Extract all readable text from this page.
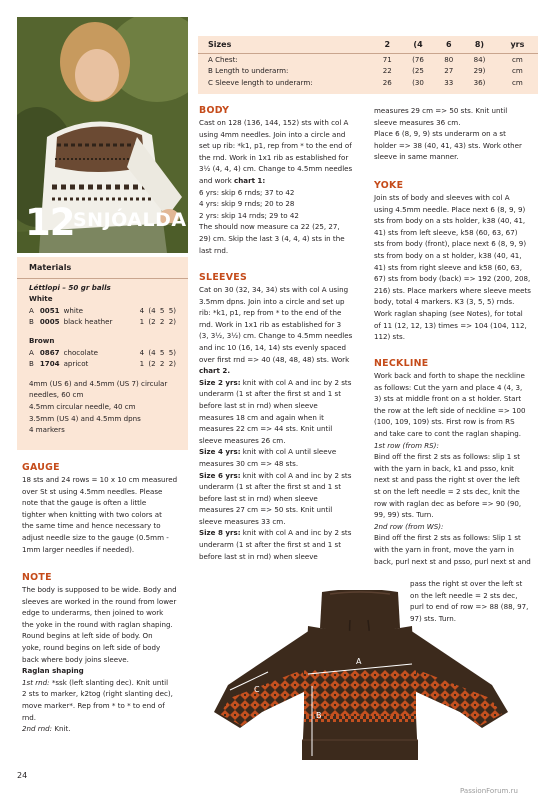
12
SNJÓALDA
Materials
Léttlopi – 50 gr balls
White
A 0051 white	4 (4 5 5)
B 0005 black heather	1 (2 2 2)
Brown
A 0867 chocolate	4 (4 5 5)
B 1704 apricot	1 (2 2 2)
4mm (US 6) and 4.5mm (US 7) circular
needles, 60 cm
4.5mm circular needle, 40 cm
3.5mm (US 4) and 4.5mm dpns
4 markers
GAUGE
18 sts and 24 rows = 10 x 10 cm measured
over St st using 4.5mm needles. Please
note that the gauge is often a little
tighter when knitting with two colors at
the same time and hence necessary to
adjust needle size to the gauge (0.5mm -
1mm larger needles if needed).
NOTE
The body is supposed to be wide. Body and
sleeves are worked in the round from lower
edge to underarms, then joined to work
the yoke in the round with raglan shaping.
Round begins at left side of body. On
yoke, round begins on left side of body
back where body joins sleeve.
Raglan shaping
1st rnd: *ssk (left slanting dec). Knit until
2 sts to marker, k2tog (right slanting dec),
move marker*. Rep from * to * to end of
rnd.
2nd rnd: Knit.
Sizes	2	(4	6	8)	yrs
A Chest:	71	(76	80	84)	cm
B Length to underarm:	22	(25	27	29)	cm
C Sleeve length to underarm:	26	(30	33	36)	cm
BODY
Cast on 128 (136, 144, 152) sts with col A
using 4mm needles. Join into a circle and
set up rib: *k1, p1, rep from * to the end of
the rnd. Work in 1x1 rib as established for
3½ (4, 4, 4) cm. Change to 4.5mm needles
and work chart 1:
6 yrs: skip 6 rnds; 37 to 42
4 yrs: skip 9 rnds; 20 to 28
2 yrs: skip 14 rnds; 29 to 42
The should now measure ca 22 (25, 27,
29) cm. Skip the last 3 (4, 4, 4) sts in the
last rnd.
SLEEVES
Cat on 30 (32, 34, 34) sts with col A using
3.5mm dpns. Join into a circle and set up
rib: *k1, p1, rep from * to the end of the
rnd. Work in 1x1 rib as established for 3
(3, 3½, 3½) cm. Change to 4.5mm needles
and inc 10 (16, 14, 14) sts evenly spaced
over first rnd => 40 (48, 48, 48) sts. Work
chart 2.
Size 2 yrs: knit with col A and inc by 2 sts
underarm (1 st after the first st and 1 st
before last st in rnd) when sleeve
measures 18 cm and again when it
measures 22 cm => 44 sts. Knit until
sleeve measures 26 cm.
Size 4 yrs: knit with col A until sleeve
measures 30 cm => 48 sts.
Size 6 yrs: knit with col A and inc by 2 sts
underarm (1 st after the first st and 1 st
before last st in rnd) when sleeve
measures 27 cm => 50 sts. Knit until
sleeve measures 33 cm.
Size 8 yrs: knit with col A and inc by 2 sts
underarm (1 st after the first st and 1 st
before last st in rnd) when sleeve
measures 29 cm => 50 sts. Knit until
sleeve measures 36 cm.
Place 6 (8, 9, 9) sts underarm on a st
holder => 38 (40, 41, 43) sts. Work other
sleeve in same manner.
YOKE
Join sts of body and sleeves with col A
using 4.5mm needle. Place next 6 (8, 9, 9)
sts from body on a sts holder, k38 (40, 41,
41) sts from left sleeve, k58 (60, 63, 67)
sts from body (front), place next 6 (8, 9, 9)
sts from body on a st holder, k38 (40, 41,
41) sts from right sleeve and k58 (60, 63,
67) sts from body (back) => 192 (200, 208,
216) sts. Place markers where sleeve meets
body, total 4 markers. K3 (3, 5, 5) rnds.
Work raglan shaping (see Notes), for total
of 11 (12, 12, 13) times => 104 (104, 112,
112) sts.
NECKLINE
Work back and forth to shape the neckline
as follows: Cut the yarn and place 4 (4, 3,
3) sts at middle front on a st holder. Start
the row at the left side of neckline => 100
(100, 109, 109) sts. First row is from RS
and take care to cont the raglan shaping.
1st row (from RS):
Bind off the first 2 sts as follows: slip 1 st
with the yarn in back, k1 and psso, knit
next st and pass the right st over the left
st on the left needle = 2 sts dec, knit the
row with raglan dec as before => 90 (90,
99, 99) sts. Turn.
2nd row (from WS):
Bind off the first 2 sts as follows: Slip 1 st
with the yarn in front, move the yarn in
back, purl next st and psso, purl next st and
pass the right st over the left st
on the left needle = 2 sts dec,
purl to end of row => 88 (88, 97,
97) sts. Turn.
A
B
C
24
PassionForum.ru
